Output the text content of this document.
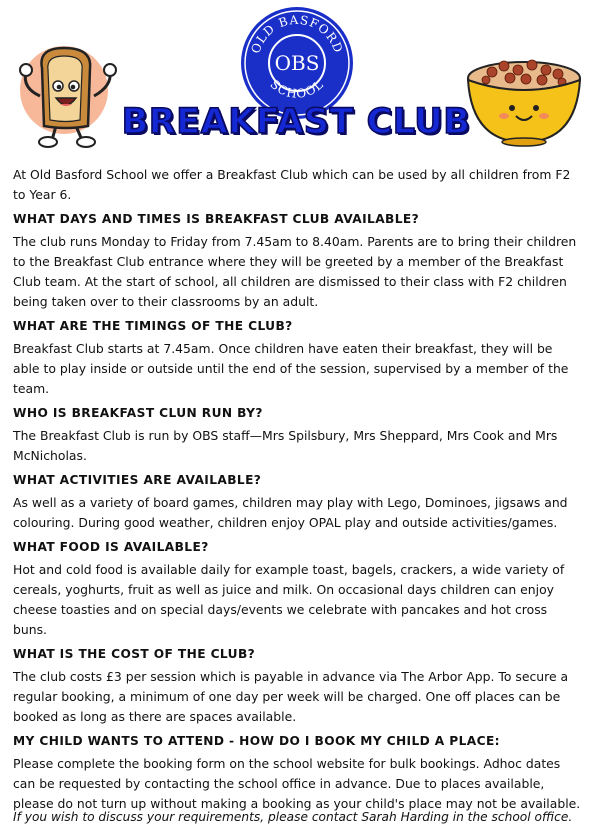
OLD BASFORD
SCHOOL
OBS
BREAKFAST CLUB

At Old Basford School we offer a Breakfast Club which can be used by all children from F2 to Year 6.

WHAT DAYS AND TIMES IS BREAKFAST CLUB AVAILABLE?

The club runs Monday to Friday from 7.45am to 8.40am. Parents are to bring their children to the Breakfast Club entrance where they will be greeted by a member of the Breakfast Club team. At the start of school, all children are dismissed to their class with F2 children being taken over to their classrooms by an adult.

WHAT ARE THE TIMINGS OF THE CLUB?

Breakfast Club starts at 7.45am. Once children have eaten their breakfast, they will be able to play inside or outside until the end of the session, supervised by a member of the team.

WHO IS BREAKFAST CLUN RUN BY?

The Breakfast Club is run by OBS staff—Mrs Spilsbury, Mrs Sheppard, Mrs Cook and Mrs McNicholas.

WHAT ACTIVITIES ARE AVAILABLE?

As well as a variety of board games, children may play with Lego, Dominoes, jigsaws and colouring. During good weather, children enjoy OPAL play and outside activities/games.

WHAT FOOD IS AVAILABLE?

Hot and cold food is available daily for example toast, bagels, crackers, a wide variety of cereals, yoghurts, fruit as well as juice and milk. On occasional days children can enjoy cheese toasties and on special days/events we celebrate with pancakes and hot cross buns.

WHAT IS THE COST OF THE CLUB?

The club costs £3 per session which is payable in advance via The Arbor App. To secure a regular booking, a minimum of one day per week will be charged. One off places can be booked as long as there are spaces available.

MY CHILD WANTS TO ATTEND - HOW DO I BOOK MY CHILD A PLACE:

Please complete the booking form on the school website for bulk bookings. Adhoc dates can be requested by contacting the school office in advance. Due to places available, please do not turn up without making a booking as your child's place may not be available.

If you wish to discuss your requirements, please contact Sarah Harding in the school office.
